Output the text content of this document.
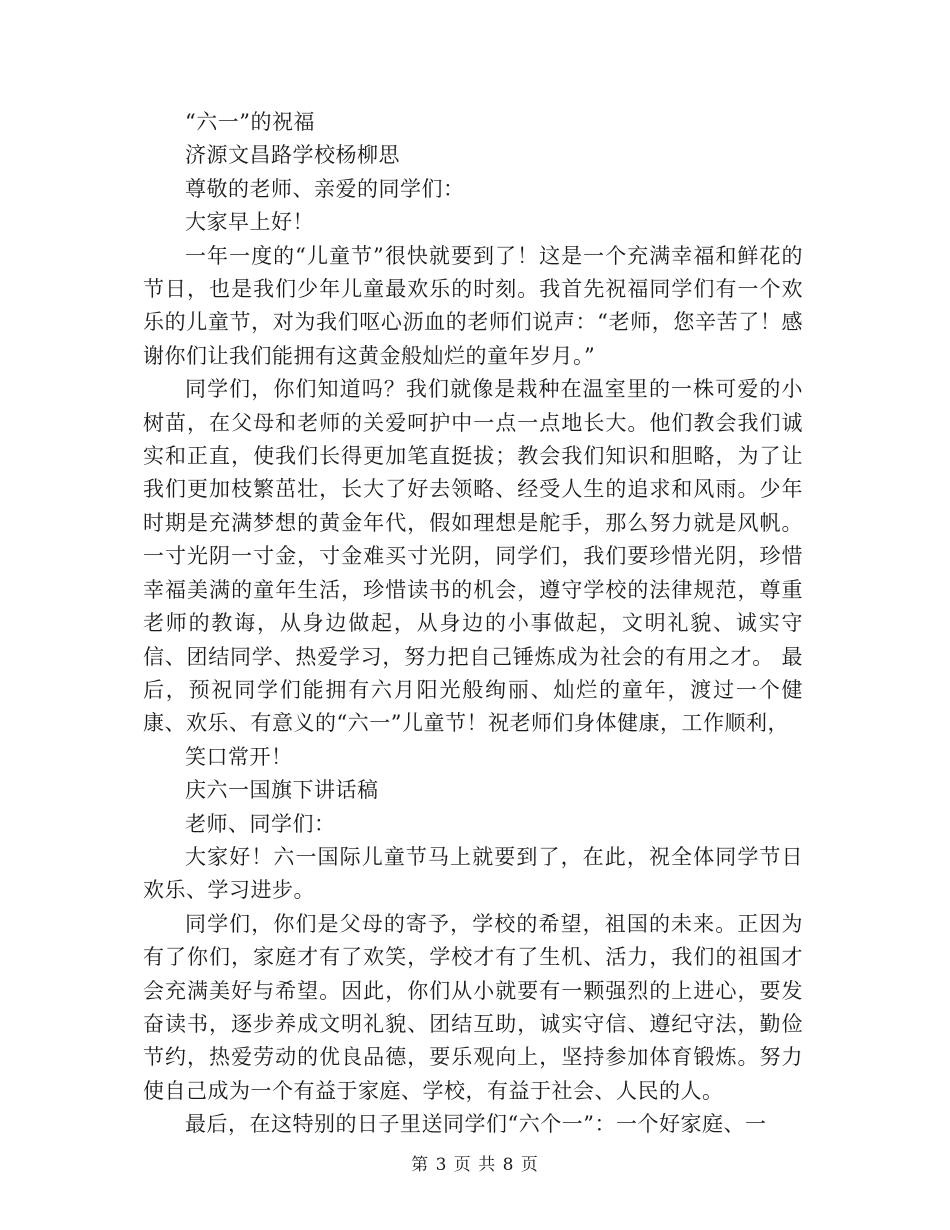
“六一”的祝福

济源文昌路学校杨柳思

尊敬的老师、亲爱的同学们：

大家早上好！

一年一度的“儿童节”很快就要到了！这是一个充满幸福和鲜花的节日，也是我们少年儿童最欢乐的时刻。我首先祝福同学们有一个欢乐的儿童节，对为我们呕心沥血的老师们说声：“老师，您辛苦了！感谢你们让我们能拥有这黄金般灿烂的童年岁月。”

同学们，你们知道吗？我们就像是栽种在温室里的一株可爱的小树苗，在父母和老师的关爱呵护中一点一点地长大。他们教会我们诚实和正直，使我们长得更加笔直挺拔；教会我们知识和胆略，为了让我们更加枝繁茁壮，长大了好去领略、经受人生的追求和风雨。少年时期是充满梦想的黄金年代，假如理想是舵手，那么努力就是风帆。一寸光阴一寸金，寸金难买寸光阴，同学们，我们要珍惜光阴，珍惜幸福美满的童年生活，珍惜读书的机会，遵守学校的法律规范，尊重老师的教诲，从身边做起，从身边的小事做起，文明礼貌、诚实守信、团结同学、热爱学习，努力把自己锤炼成为社会的有用之才。 最后，预祝同学们能拥有六月阳光般绚丽、灿烂的童年，渡过一个健康、欢乐、有意义的“六一”儿童节！祝老师们身体健康，工作顺利，

笑口常开！

庆六一国旗下讲话稿

老师、同学们：

大家好！六一国际儿童节马上就要到了，在此，祝全体同学节日欢乐、学习进步。

同学们，你们是父母的寄予，学校的希望，祖国的未来。正因为有了你们，家庭才有了欢笑，学校才有了生机、活力，我们的祖国才会充满美好与希望。因此，你们从小就要有一颗强烈的上进心，要发奋读书，逐步养成文明礼貌、团结互助，诚实守信、遵纪守法，勤俭节约，热爱劳动的优良品德，要乐观向上，坚持参加体育锻炼。努力使自己成为一个有益于家庭、学校，有益于社会、人民的人。

最后，在这特别的日子里送同学们“六个一”：一个好家庭、一

第 3 页 共 8 页
